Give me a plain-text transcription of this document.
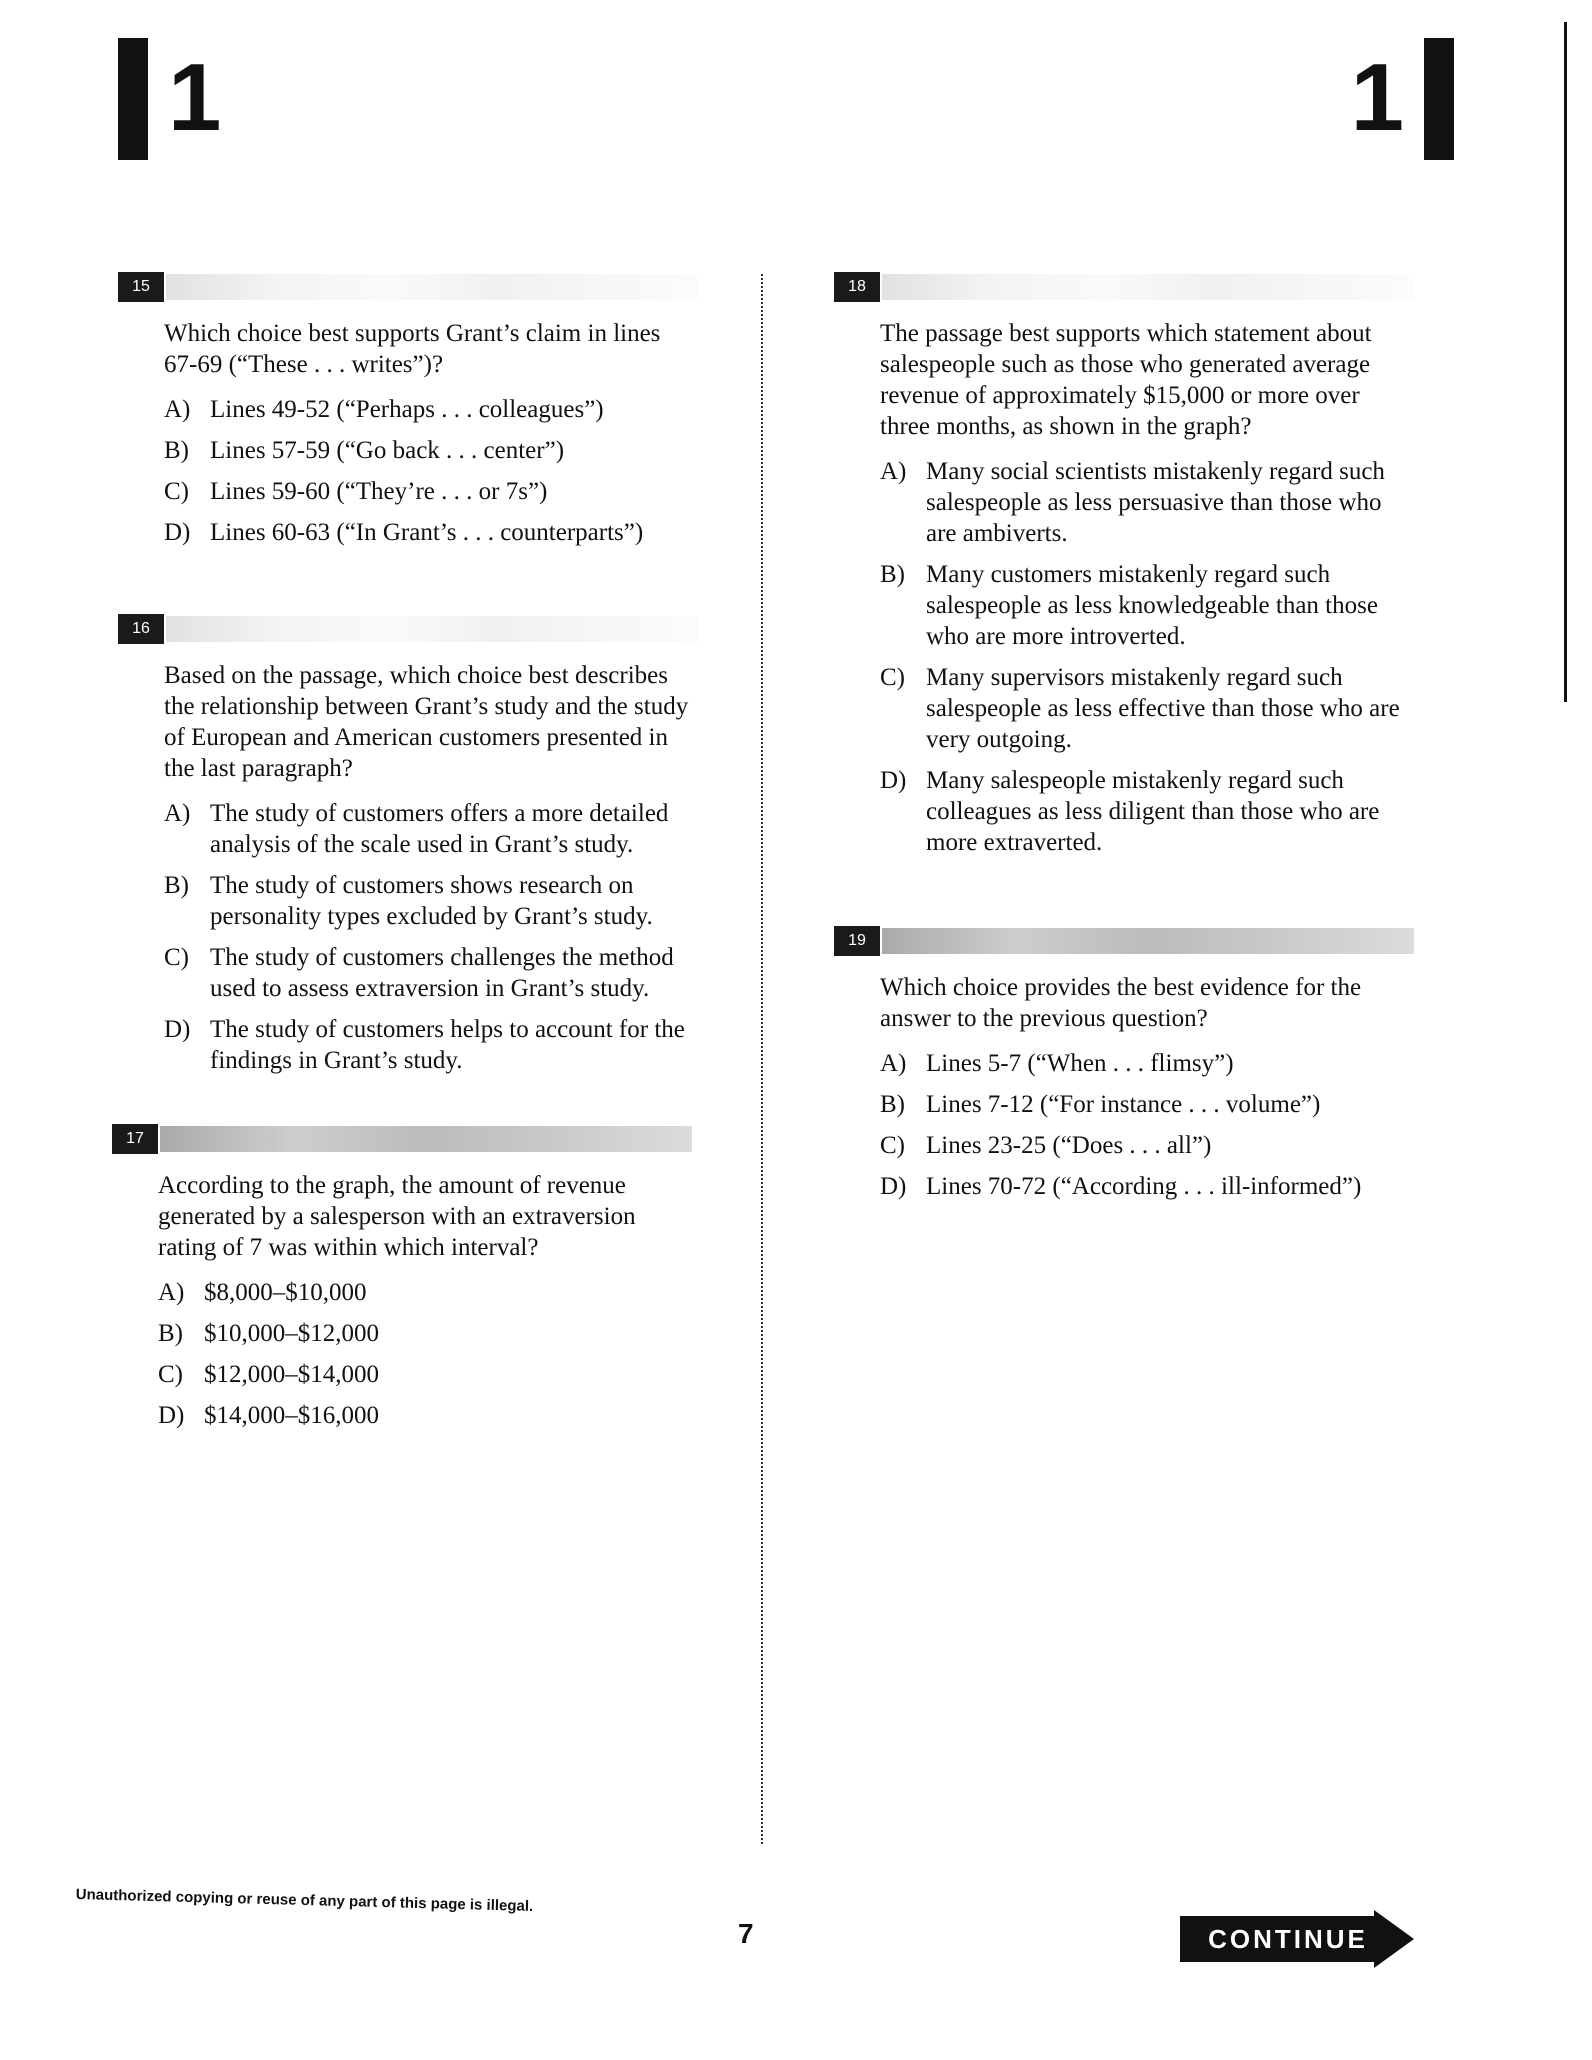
1	1
15
Which choice best supports Grant’s claim in lines 67-69 (“These . . . writes”)?
A) Lines 49-52 (“Perhaps . . . colleagues”)
B) Lines 57-59 (“Go back . . . center”)
C) Lines 59-60 (“They’re . . . or 7s”)
D) Lines 60-63 (“In Grant’s . . . counterparts”)
16
Based on the passage, which choice best describes the relationship between Grant’s study and the study of European and American customers presented in the last paragraph?
A) The study of customers offers a more detailed analysis of the scale used in Grant’s study.
B) The study of customers shows research on personality types excluded by Grant’s study.
C) The study of customers challenges the method used to assess extraversion in Grant’s study.
D) The study of customers helps to account for the findings in Grant’s study.
17
According to the graph, the amount of revenue generated by a salesperson with an extraversion rating of 7 was within which interval?
A) $8,000–$10,000
B) $10,000–$12,000
C) $12,000–$14,000
D) $14,000–$16,000
18
The passage best supports which statement about salespeople such as those who generated average revenue of approximately $15,000 or more over three months, as shown in the graph?
A) Many social scientists mistakenly regard such salespeople as less persuasive than those who are ambiverts.
B) Many customers mistakenly regard such salespeople as less knowledgeable than those who are more introverted.
C) Many supervisors mistakenly regard such salespeople as less effective than those who are very outgoing.
D) Many salespeople mistakenly regard such colleagues as less diligent than those who are more extraverted.
19
Which choice provides the best evidence for the answer to the previous question?
A) Lines 5-7 (“When . . . flimsy”)
B) Lines 7-12 (“For instance . . . volume”)
C) Lines 23-25 (“Does . . . all”)
D) Lines 70-72 (“According . . . ill-informed”)
Unauthorized copying or reuse of any part of this page is illegal.
7	CONTINUE
